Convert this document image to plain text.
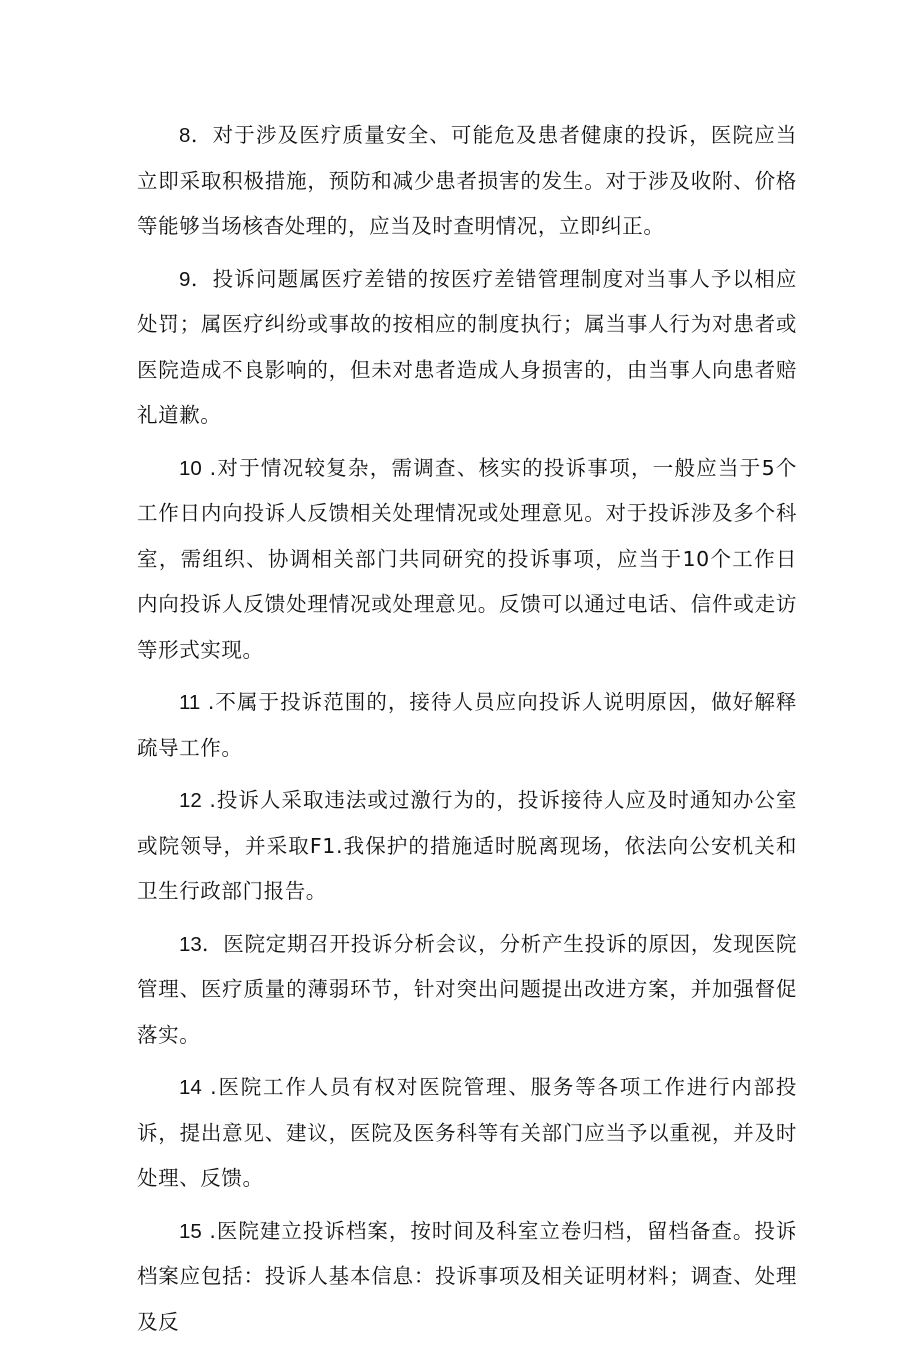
8．对于涉及医疗质量安全、可能危及患者健康的投诉，医院应当立即采取积极措施，预防和减少患者损害的发生。对于涉及收附、价格等能够当场核杳处理的，应当及时查明情况，立即纠正。

9．投诉问题属医疗差错的按医疗差错管理制度对当事人予以相应处罚；属医疗纠纷或事故的按相应的制度执行；属当事人行为对患者或医院造成不良影响的，但未对患者造成人身损害的，由当事人向患者赔礼道歉。

10 .对于情况较复杂，需调查、核实的投诉事项，一般应当于5个工作日内向投诉人反馈相关处理情况或处理意见。对于投诉涉及多个科室，需组织、协调相关部门共同研究的投诉事项，应当于10个工作日内向投诉人反馈处理情况或处理意见。反馈可以通过电话、信件或走访等形式实现。

11 .不属于投诉范围的，接待人员应向投诉人说明原因，做好解释疏导工作。

12 .投诉人采取违法或过激行为的，投诉接待人应及时通知办公室或院领导，并采取F1.我保护的措施适时脱离现场，依法向公安机关和卫生行政部门报告。

13．医院定期召开投诉分析会议，分析产生投诉的原因，发现医院管理、医疗质量的薄弱环节，针对突出问题提出改进方案，并加强督促落实。

14 .医院工作人员有权对医院管理、服务等各项工作进行内部投诉，提出意见、建议，医院及医务科等有关部门应当予以重视，并及时处理、反馈。

15 .医院建立投诉档案，按时间及科室立卷归档，留档备查。投诉档案应包括：投诉人基本信息：投诉事项及相关证明材料；调查、处理及反
